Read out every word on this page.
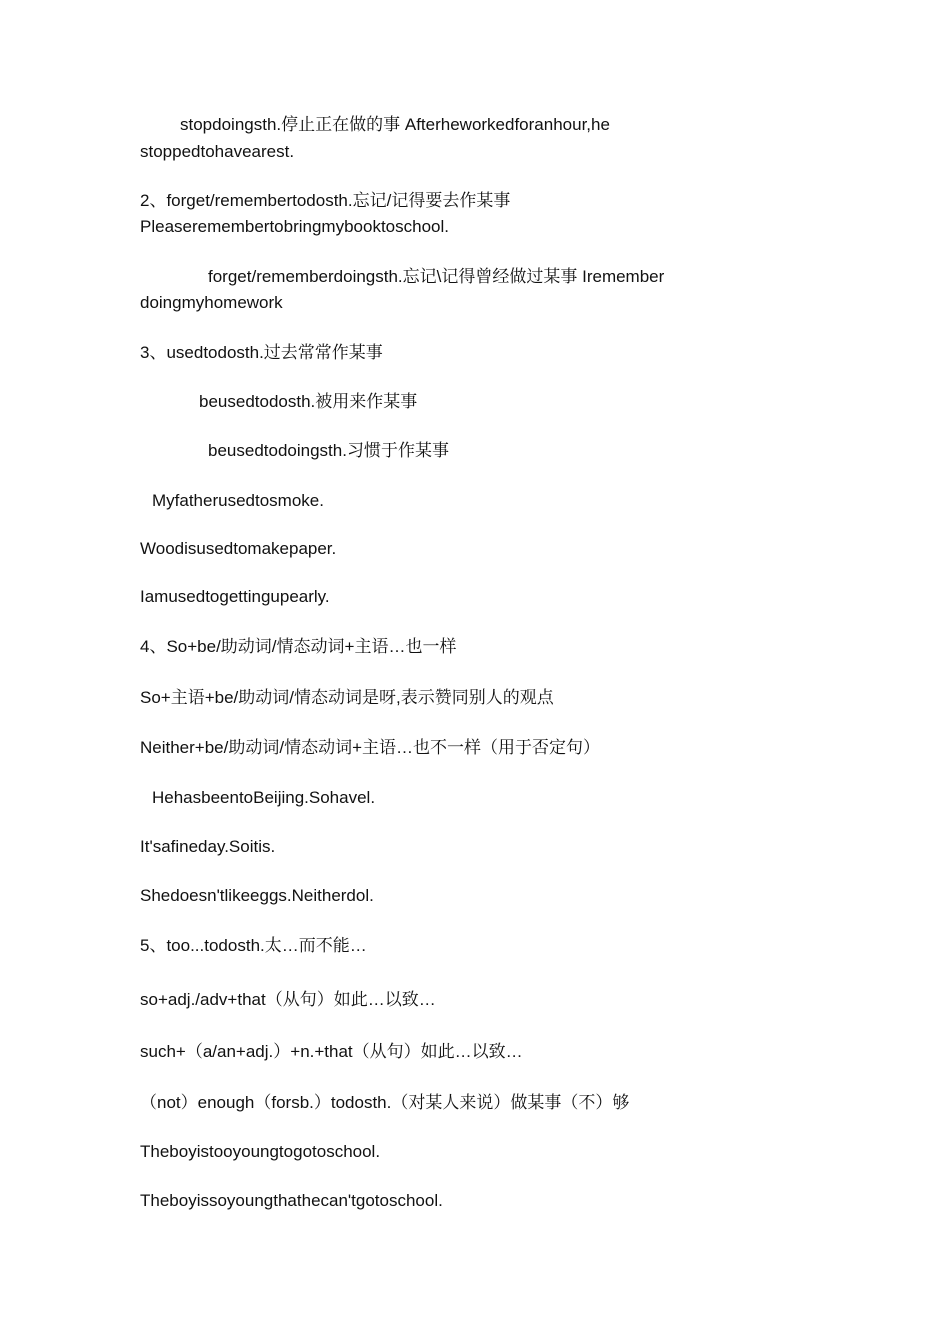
stopdoingsth.停止正在做的事 Afterheworkedforanhour,he
stoppedtohavearest.
2、forget/remembertodosth.忘记/记得要去作某事
Pleaseremembertobringmybooktoschool.
forget/rememberdoingsth.忘记\记得曾经做过某事 Iremember
doingmyhomework
3、usedtodosth.过去常常作某事
beusedtodosth.被用来作某事
beusedtodoingsth.习惯于作某事
Myfatherusedtosmoke.
Woodisusedtomakepaper.
Iamusedtogettingupearly.
4、So+be/助动词/情态动词+主语…也一样
So+主语+be/助动词/情态动词是呀,表示赞同别人的观点
Neither+be/助动词/情态动词+主语…也不一样（用于否定句）
HehasbeentoBeijing.Sohavel.
It'safineday.Soitis.
Shedoesn'tlikeeggs.Neitherdol.
5、too...todosth.太…而不能…
so+adj./adv+that（从句）如此…以致…
such+（a/an+adj.）+n.+that（从句）如此…以致…
（not）enough（forsb.）todosth.（对某人来说）做某事（不）够
Theboyistooyoungtogotoschool.
Theboyissoyoungthathecan'tgotoschool.
